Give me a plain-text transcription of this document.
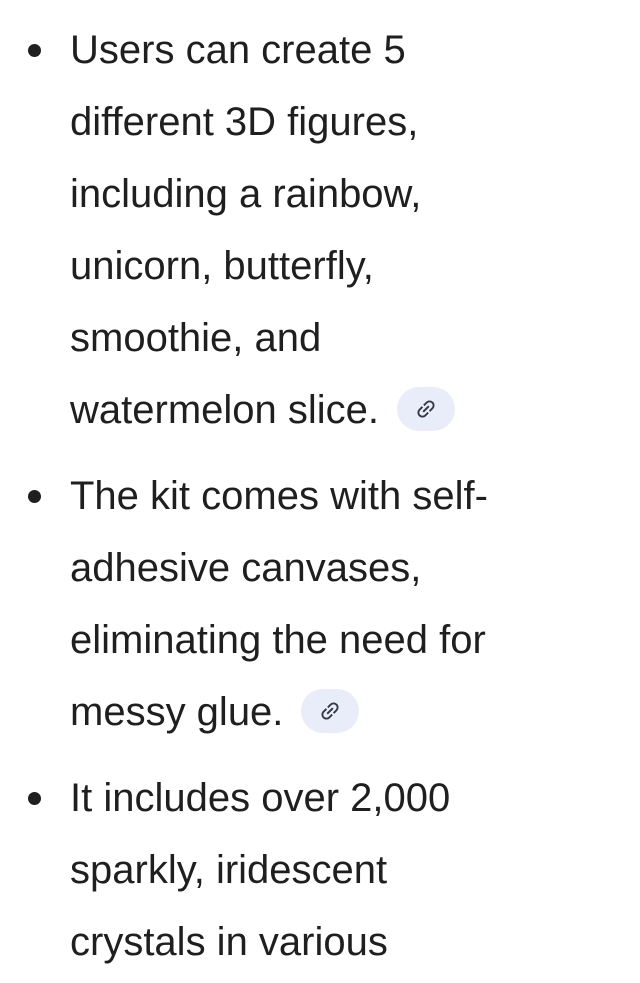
Users can create 5
different 3D figures,
including a rainbow,
unicorn, butterfly,
smoothie, and
watermelon slice.
The kit comes with self-
adhesive canvases,
eliminating the need for
messy glue.
It includes over 2,000
sparkly, iridescent
crystals in various
